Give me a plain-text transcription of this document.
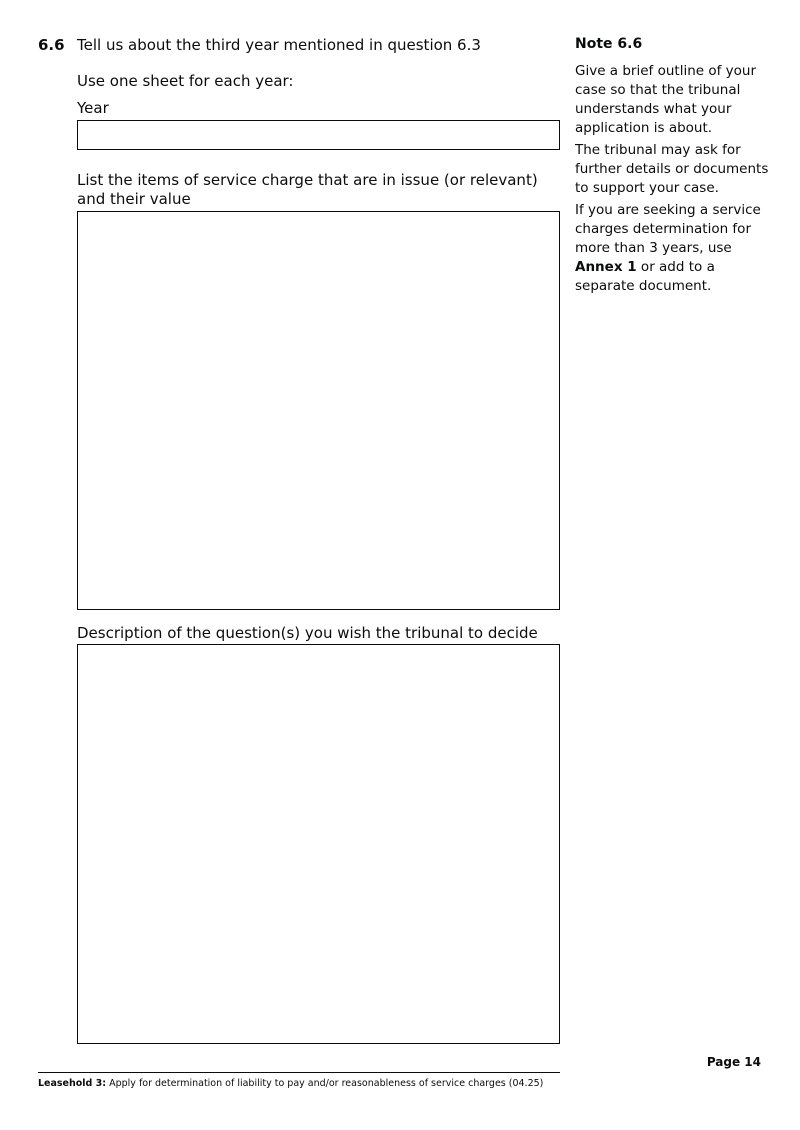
6.6 Tell us about the third year mentioned in question 6.3
Use one sheet for each year:
Year
List the items of service charge that are in issue (or relevant) and their value
Description of the question(s) you wish the tribunal to decide
Note 6.6
Give a brief outline of your case so that the tribunal understands what your application is about.
The tribunal may ask for further details or documents to support your case.
If you are seeking a service charges determination for more than 3 years, use Annex 1 or add to a separate document.
Page 14
Leasehold 3: Apply for determination of liability to pay and/or reasonableness of service charges (04.25)
